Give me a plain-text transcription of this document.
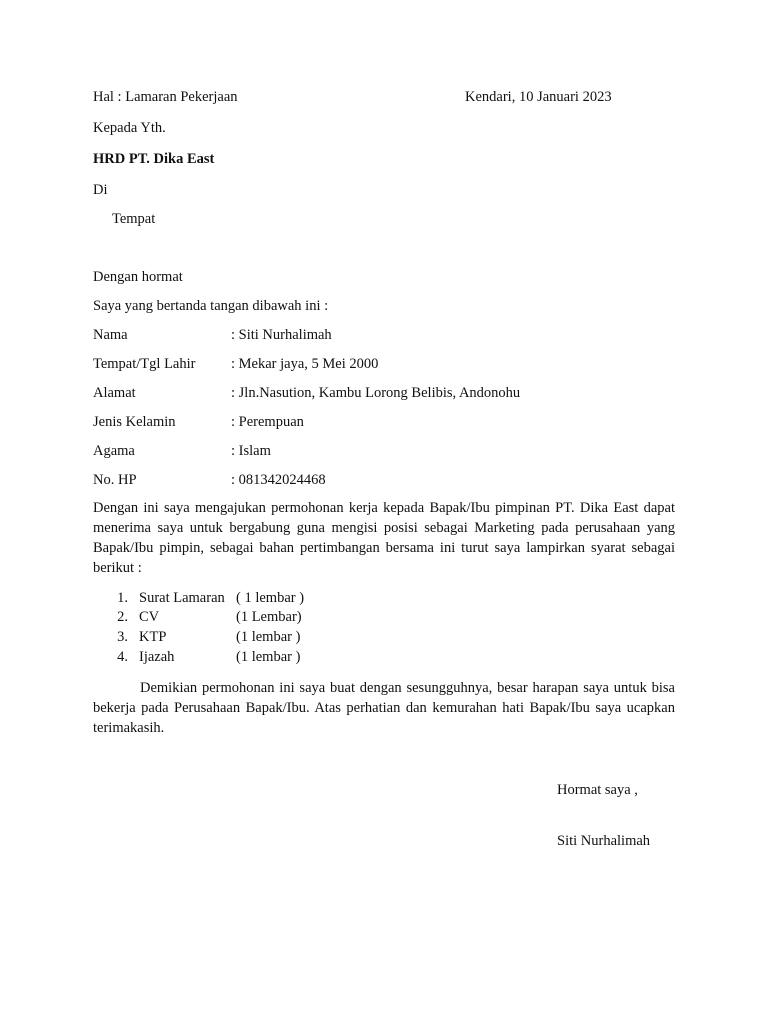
Hal : Lamaran Pekerjaan	Kendari, 10 Januari 2023
Kepada Yth.
HRD PT. Dika East
Di
Tempat
Dengan hormat
Saya yang bertanda tangan dibawah ini :
Nama	: Siti Nurhalimah
Tempat/Tgl Lahir : Mekar jaya, 5 Mei 2000
Alamat	: Jln.Nasution, Kambu Lorong Belibis, Andonohu
Jenis Kelamin	: Perempuan
Agama	: Islam
No. HP	: 081342024468
Dengan ini saya mengajukan permohonan kerja kepada Bapak/Ibu pimpinan PT. Dika East dapat menerima saya untuk bergabung guna mengisi posisi sebagai Marketing pada perusahaan yang Bapak/Ibu pimpin, sebagai bahan pertimbangan bersama ini turut saya lampirkan syarat sebagai berikut :
1. Surat Lamaran ( 1 lembar )
2. CV	(1 Lembar)
3. KTP	(1 lembar )
4. Ijazah	(1 lembar )
Demikian permohonan ini saya buat dengan sesungguhnya, besar harapan saya untuk bisa bekerja pada Perusahaan Bapak/Ibu. Atas perhatian dan kemurahan hati Bapak/Ibu saya ucapkan terimakasih.
Hormat saya ,
Siti Nurhalimah
